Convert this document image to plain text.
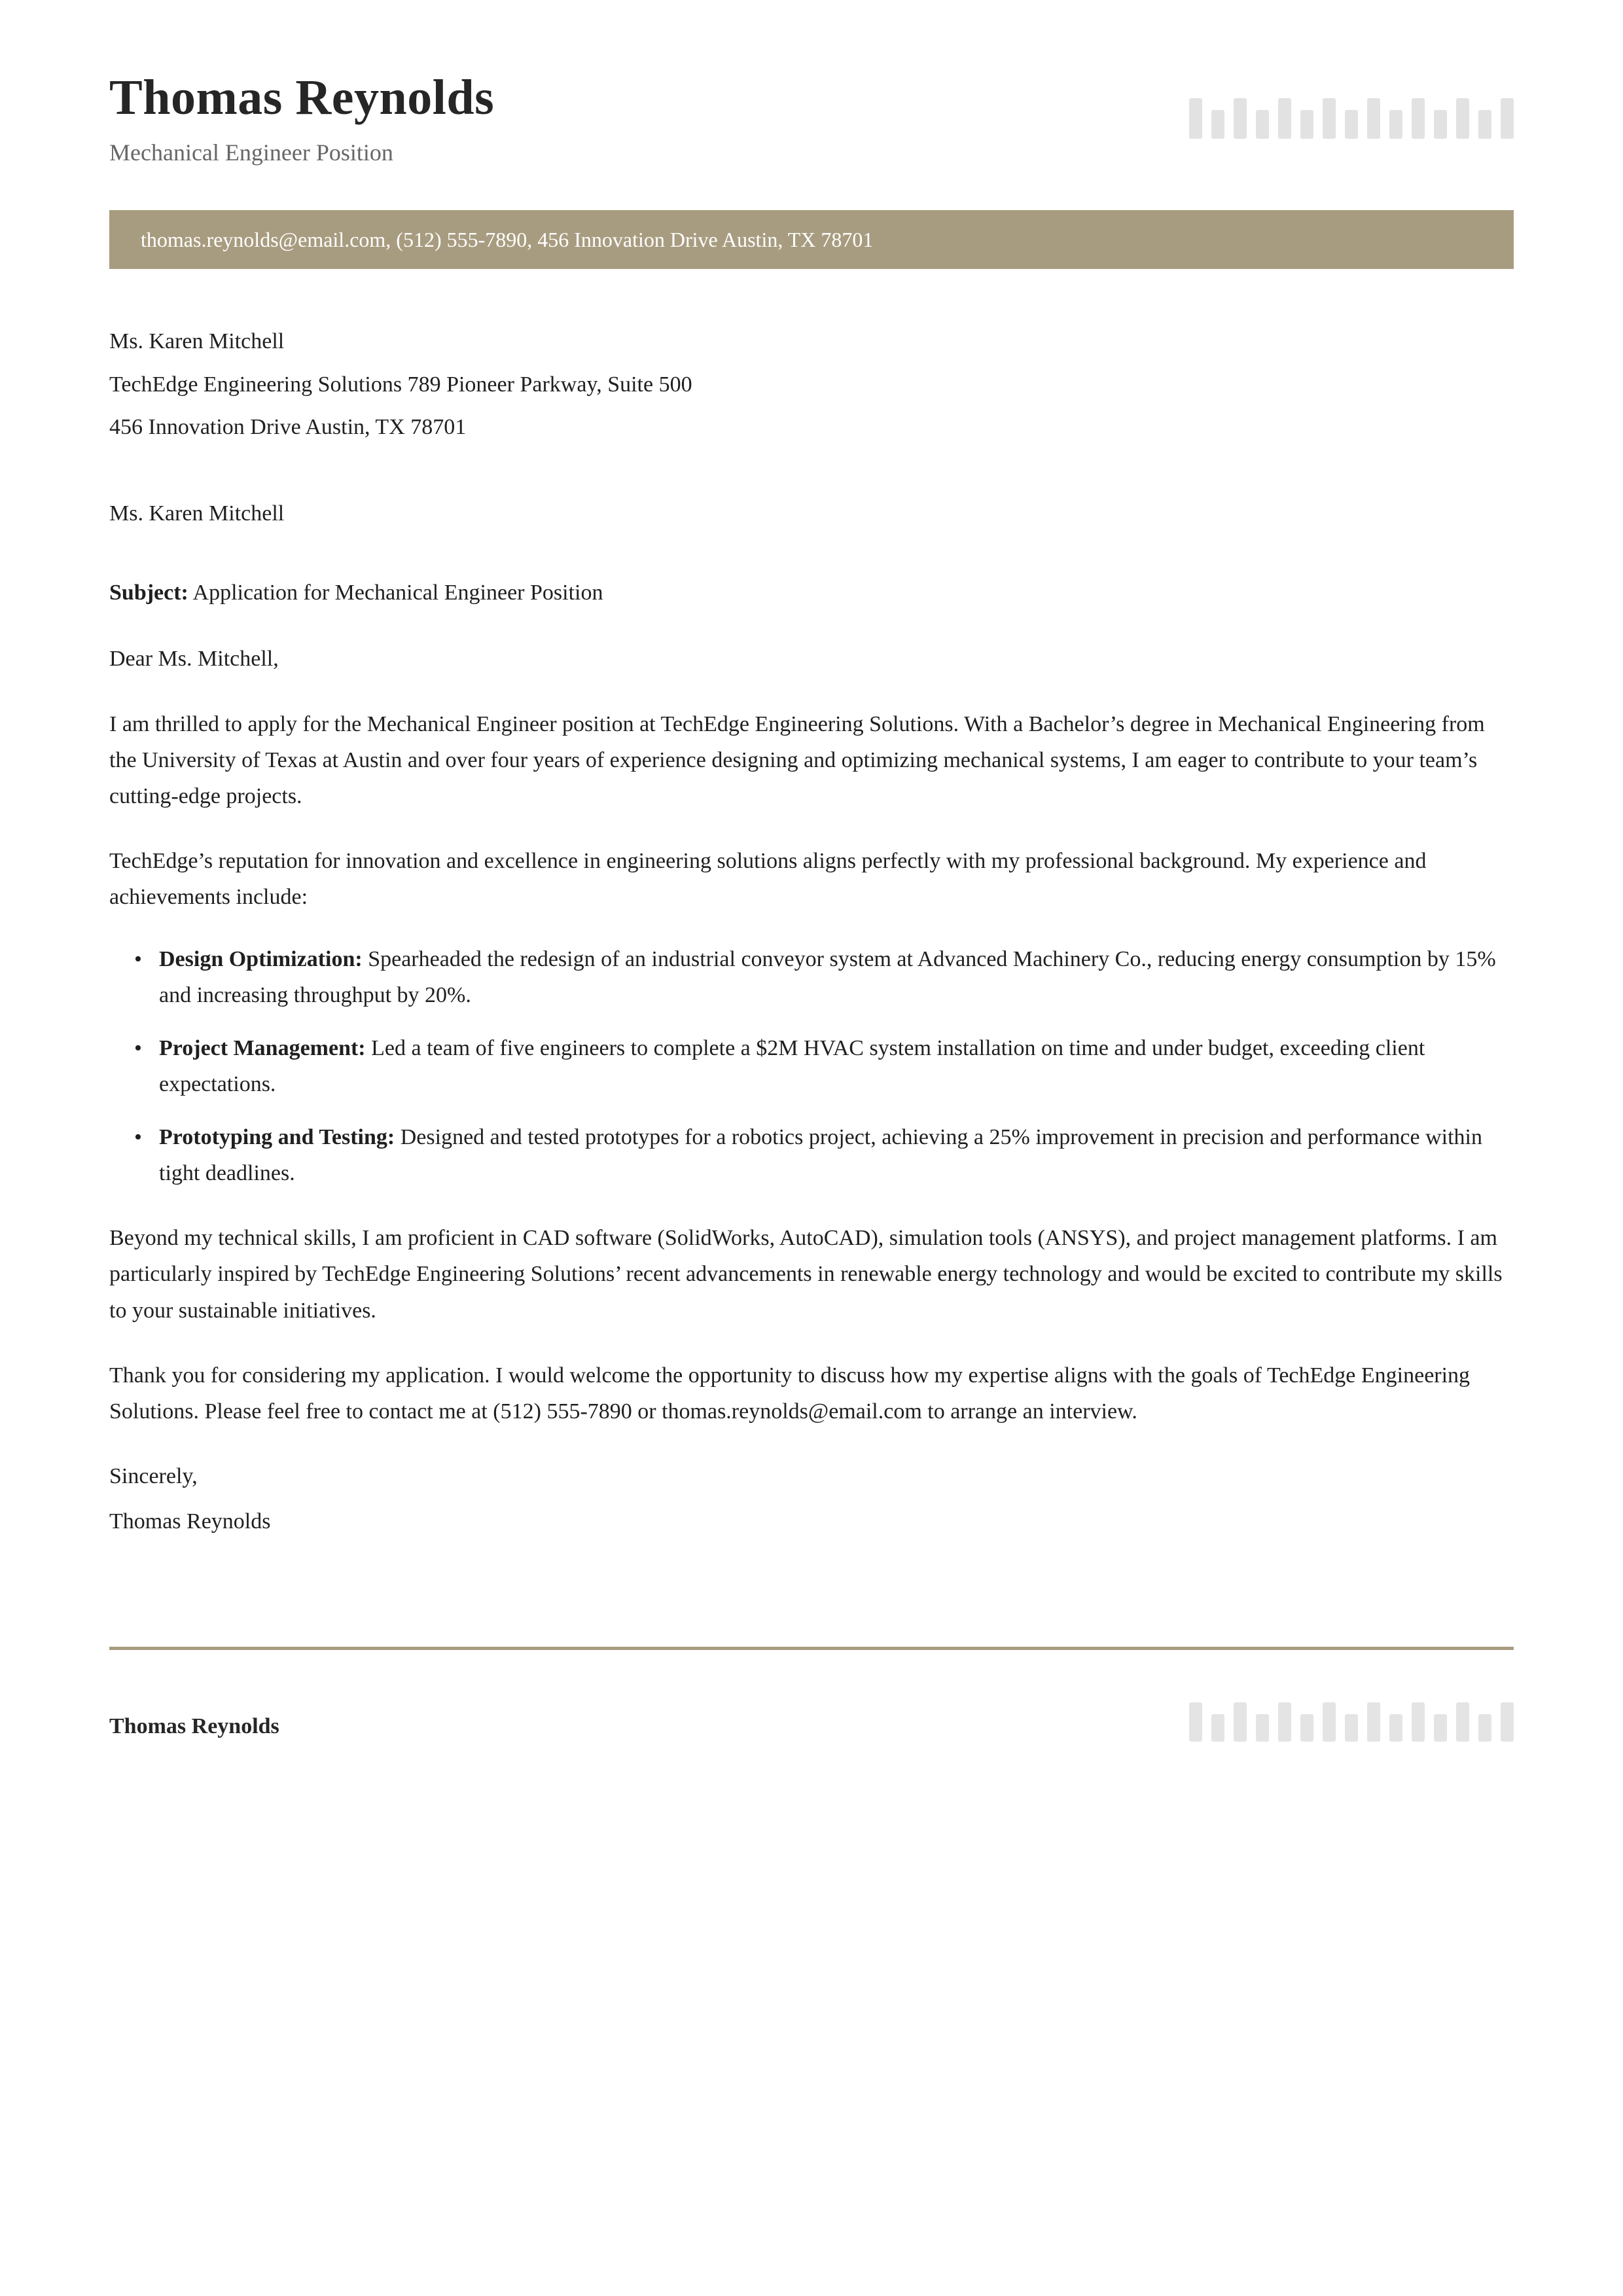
Thomas Reynolds
Mechanical Engineer Position
thomas.reynolds@email.com, (512) 555-7890, 456 Innovation Drive Austin, TX 78701
Ms. Karen Mitchell
TechEdge Engineering Solutions 789 Pioneer Parkway, Suite 500
456 Innovation Drive Austin, TX 78701
Ms. Karen Mitchell
Subject: Application for Mechanical Engineer Position
Dear Ms. Mitchell,

I am thrilled to apply for the Mechanical Engineer position at TechEdge Engineering Solutions. With a Bachelor’s degree in Mechanical Engineering from the University of Texas at Austin and over four years of experience designing and optimizing mechanical systems, I am eager to contribute to your team’s cutting-edge projects.

TechEdge’s reputation for innovation and excellence in engineering solutions aligns perfectly with my professional background. My experience and achievements include:

• Design Optimization: Spearheaded the redesign of an industrial conveyor system at Advanced Machinery Co., reducing energy consumption by 15% and increasing throughput by 20%.
• Project Management: Led a team of five engineers to complete a $2M HVAC system installation on time and under budget, exceeding client expectations.
• Prototyping and Testing: Designed and tested prototypes for a robotics project, achieving a 25% improvement in precision and performance within tight deadlines.

Beyond my technical skills, I am proficient in CAD software (SolidWorks, AutoCAD), simulation tools (ANSYS), and project management platforms. I am particularly inspired by TechEdge Engineering Solutions’ recent advancements in renewable energy technology and would be excited to contribute my skills to your sustainable initiatives.

Thank you for considering my application. I would welcome the opportunity to discuss how my expertise aligns with the goals of TechEdge Engineering Solutions. Please feel free to contact me at (512) 555-7890 or thomas.reynolds@email.com to arrange an interview.

Sincerely,
Thomas Reynolds
Thomas Reynolds
